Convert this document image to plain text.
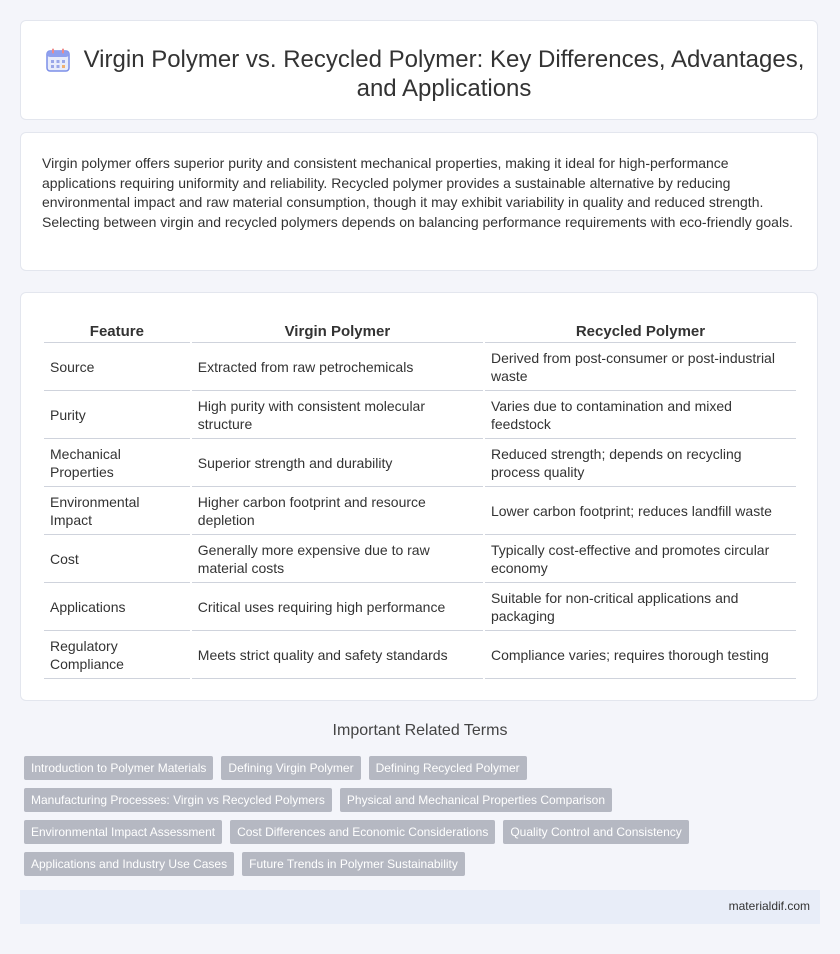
Virgin Polymer vs. Recycled Polymer: Key Differences, Advantages, and Applications

Virgin polymer offers superior purity and consistent mechanical properties, making it ideal for high-performance applications requiring uniformity and reliability. Recycled polymer provides a sustainable alternative by reducing environmental impact and raw material consumption, though it may exhibit variability in quality and reduced strength. Selecting between virgin and recycled polymers depends on balancing performance requirements with eco-friendly goals.

Feature	Virgin Polymer	Recycled Polymer
Source	Extracted from raw petrochemicals	Derived from post-consumer or post-industrial waste
Purity	High purity with consistent molecular structure	Varies due to contamination and mixed feedstock
Mechanical Properties	Superior strength and durability	Reduced strength; depends on recycling process quality
Environmental Impact	Higher carbon footprint and resource depletion	Lower carbon footprint; reduces landfill waste
Cost	Generally more expensive due to raw material costs	Typically cost-effective and promotes circular economy
Applications	Critical uses requiring high performance	Suitable for non-critical applications and packaging
Regulatory Compliance	Meets strict quality and safety standards	Compliance varies; requires thorough testing
Important Related Terms
Introduction to Polymer Materials	Defining Virgin Polymer	Defining Recycled Polymer
Manufacturing Processes: Virgin vs Recycled Polymers	Physical and Mechanical Properties Comparison
Environmental Impact Assessment	Cost Differences and Economic Considerations	Quality Control and Consistency
Applications and Industry Use Cases	Future Trends in Polymer Sustainability
materialdif.com
